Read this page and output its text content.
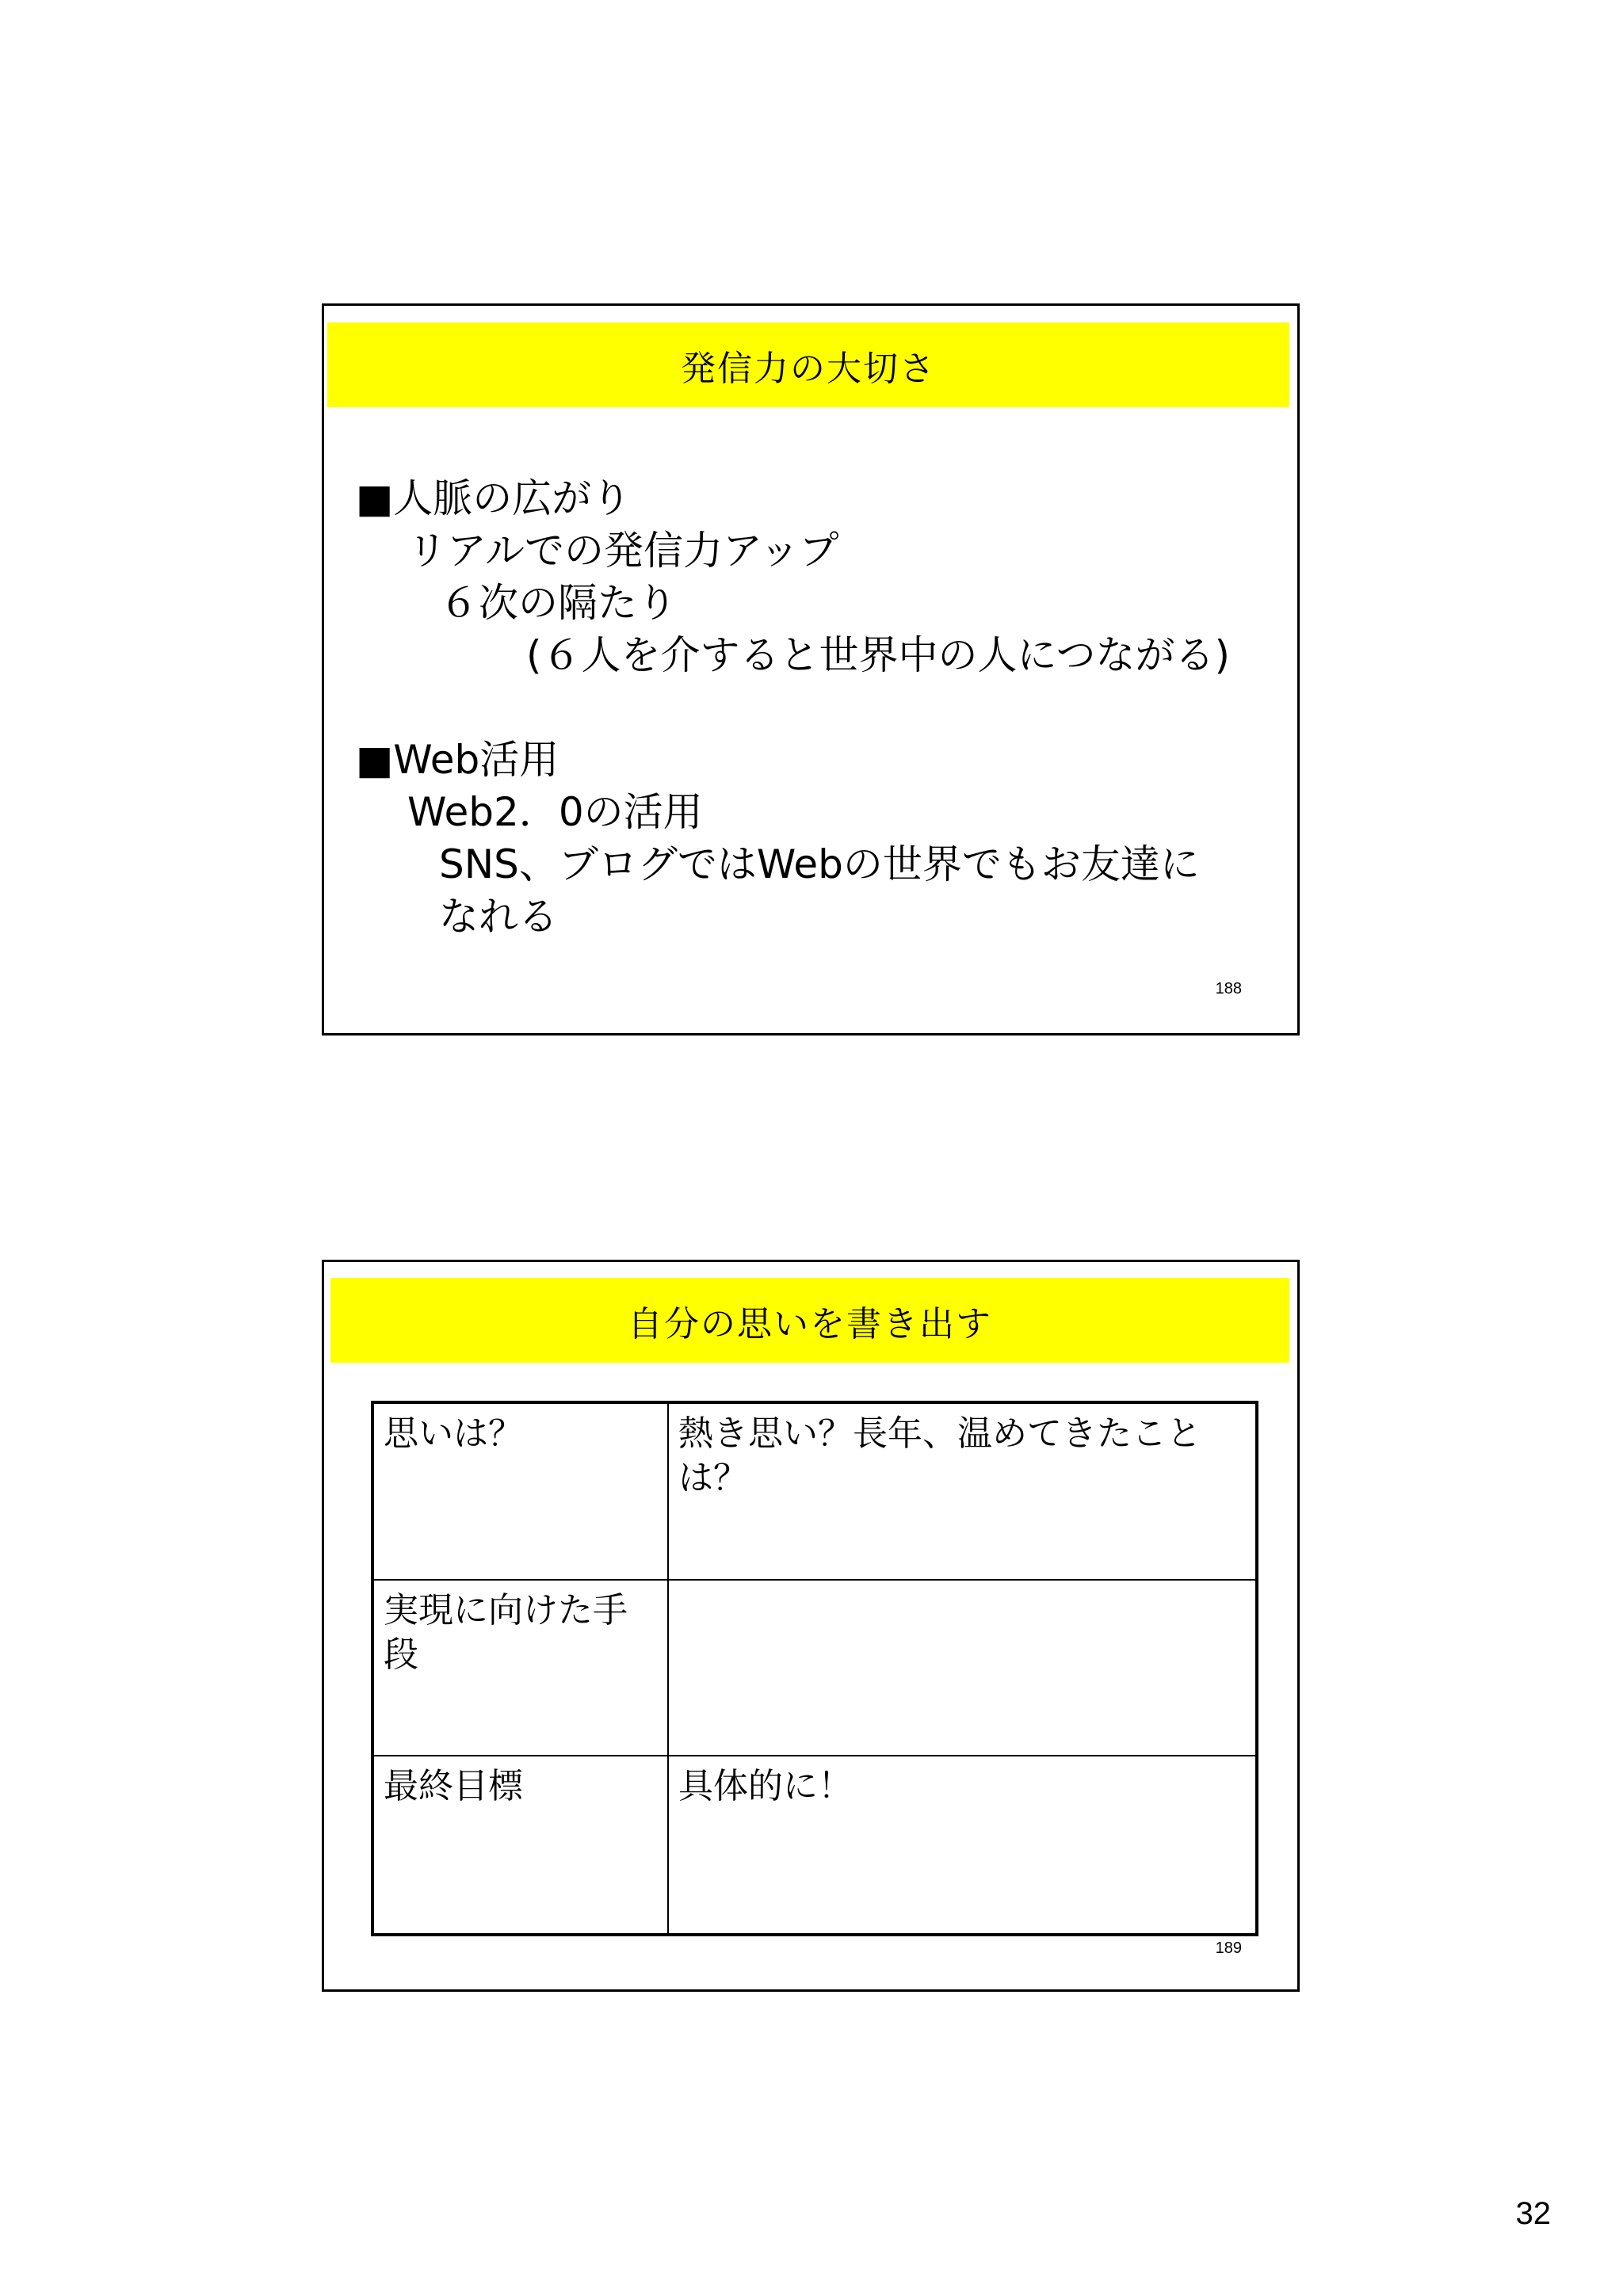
発信力の大切さ
■人脈の広がり
リアルでの発信力アップ
６次の隔たり
(６人を介すると世界中の人につながる)
■Web活用
Web2．0の活用
SNS、ブログではWebの世界でもお友達に
なれる
188
自分の思いを書き出す
思いは？	熱き思い？長年、温めてきたことは？
実現に向けた手段
最終目標	具体的に！
189
32
